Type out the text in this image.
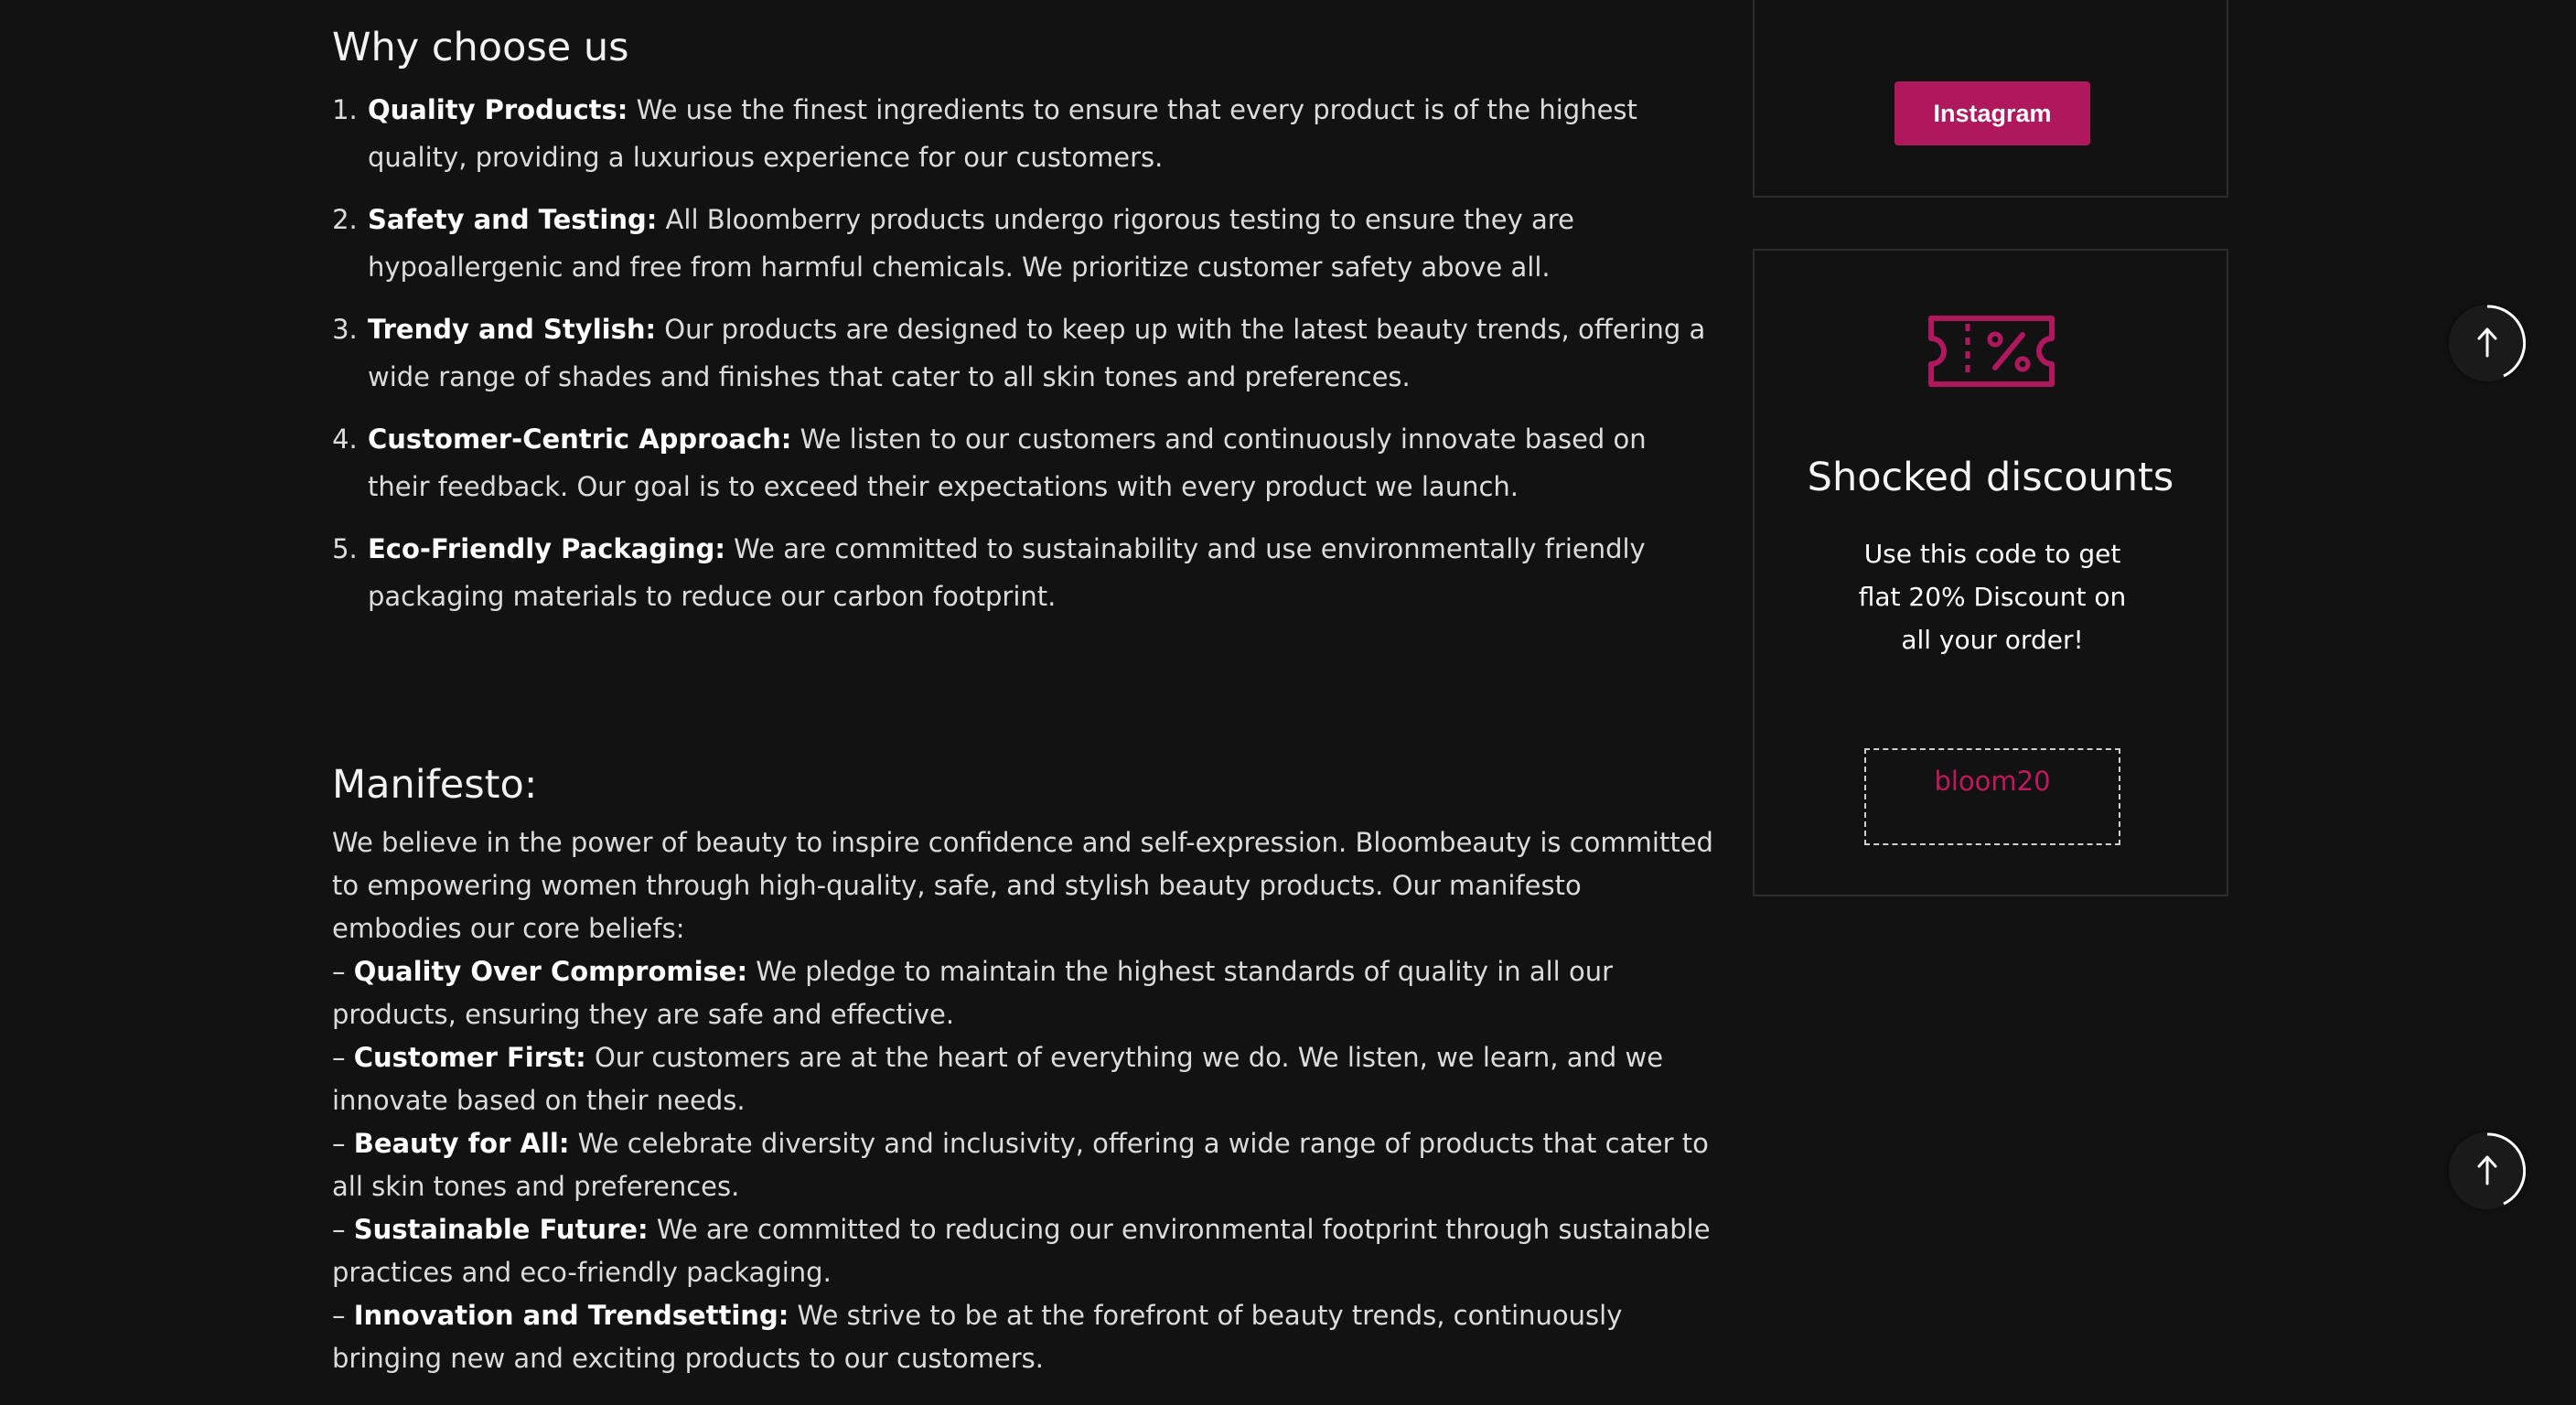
Why choose us
1. Quality Products: We use the finest ingredients to ensure that every product is of the highest quality, providing a luxurious experience for our customers.
2. Safety and Testing: All Bloomberry products undergo rigorous testing to ensure they are hypoallergenic and free from harmful chemicals. We prioritize customer safety above all.
3. Trendy and Stylish: Our products are designed to keep up with the latest beauty trends, offering a wide range of shades and finishes that cater to all skin tones and preferences.
4. Customer-Centric Approach: We listen to our customers and continuously innovate based on their feedback. Our goal is to exceed their expectations with every product we launch.
5. Eco-Friendly Packaging: We are committed to sustainability and use environmentally friendly packaging materials to reduce our carbon footprint.
Manifesto:
We believe in the power of beauty to inspire confidence and self-expression. Bloombeauty is committed to empowering women through high-quality, safe, and stylish beauty products. Our manifesto embodies our core beliefs:
– Quality Over Compromise: We pledge to maintain the highest standards of quality in all our products, ensuring they are safe and effective.
– Customer First: Our customers are at the heart of everything we do. We listen, we learn, and we innovate based on their needs.
– Beauty for All: We celebrate diversity and inclusivity, offering a wide range of products that cater to all skin tones and preferences.
– Sustainable Future: We are committed to reducing our environmental footprint through sustainable practices and eco-friendly packaging.
– Innovation and Trendsetting: We strive to be at the forefront of beauty trends, continuously bringing new and exciting products to our customers.
Instagram
Shocked discounts
Use this code to get flat 20% Discount on all your order!
bloom20
